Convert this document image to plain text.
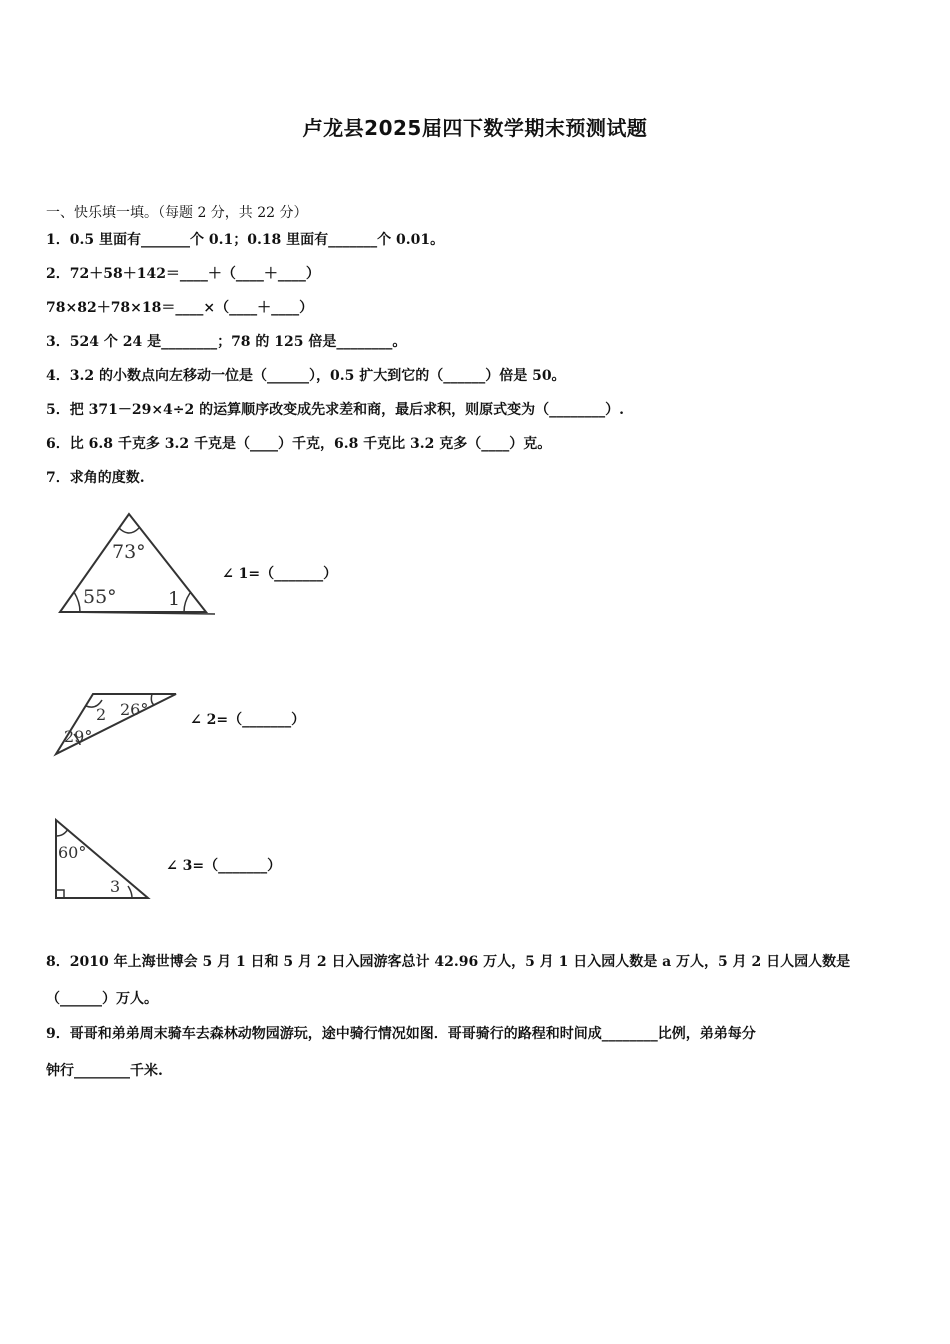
卢龙县2025届四下数学期末预测试题
一、快乐填一填。（每题 2 分，共 22 分）
1．0.5 里面有_______个 0.1；0.18 里面有_______个 0.01。
2．72＋58＋142＝____＋（____＋____）
78×82＋78×18＝____×（____＋____）
3．524 个 24 是________；78 的 125 倍是________。
4．3.2 的小数点向左移动一位是（______），0.5 扩大到它的（______）倍是 50。
5．把 371－29×4÷2 的运算顺序改变成先求差和商，最后求积，则原式变为（________）.
6．比 6.8 千克多 3.2 千克是（____）千克，6.8 千克比 3.2 克多（____）克。
7．求角的度数.
73°
55°	1
∠ 1=（_______）
2 26°
29°
∠ 2=（_______）
60°
3
∠ 3=（_______）
8．2010 年上海世博会 5 月 1 日和 5 月 2 日入园游客总计 42.96 万人，5 月 1 日入园人数是 a 万人，5 月 2 日人园人数是
（______）万人。
9．哥哥和弟弟周末骑车去森林动物园游玩，途中骑行情况如图．哥哥骑行的路程和时间成________比例，弟弟每分
钟行________千米.
